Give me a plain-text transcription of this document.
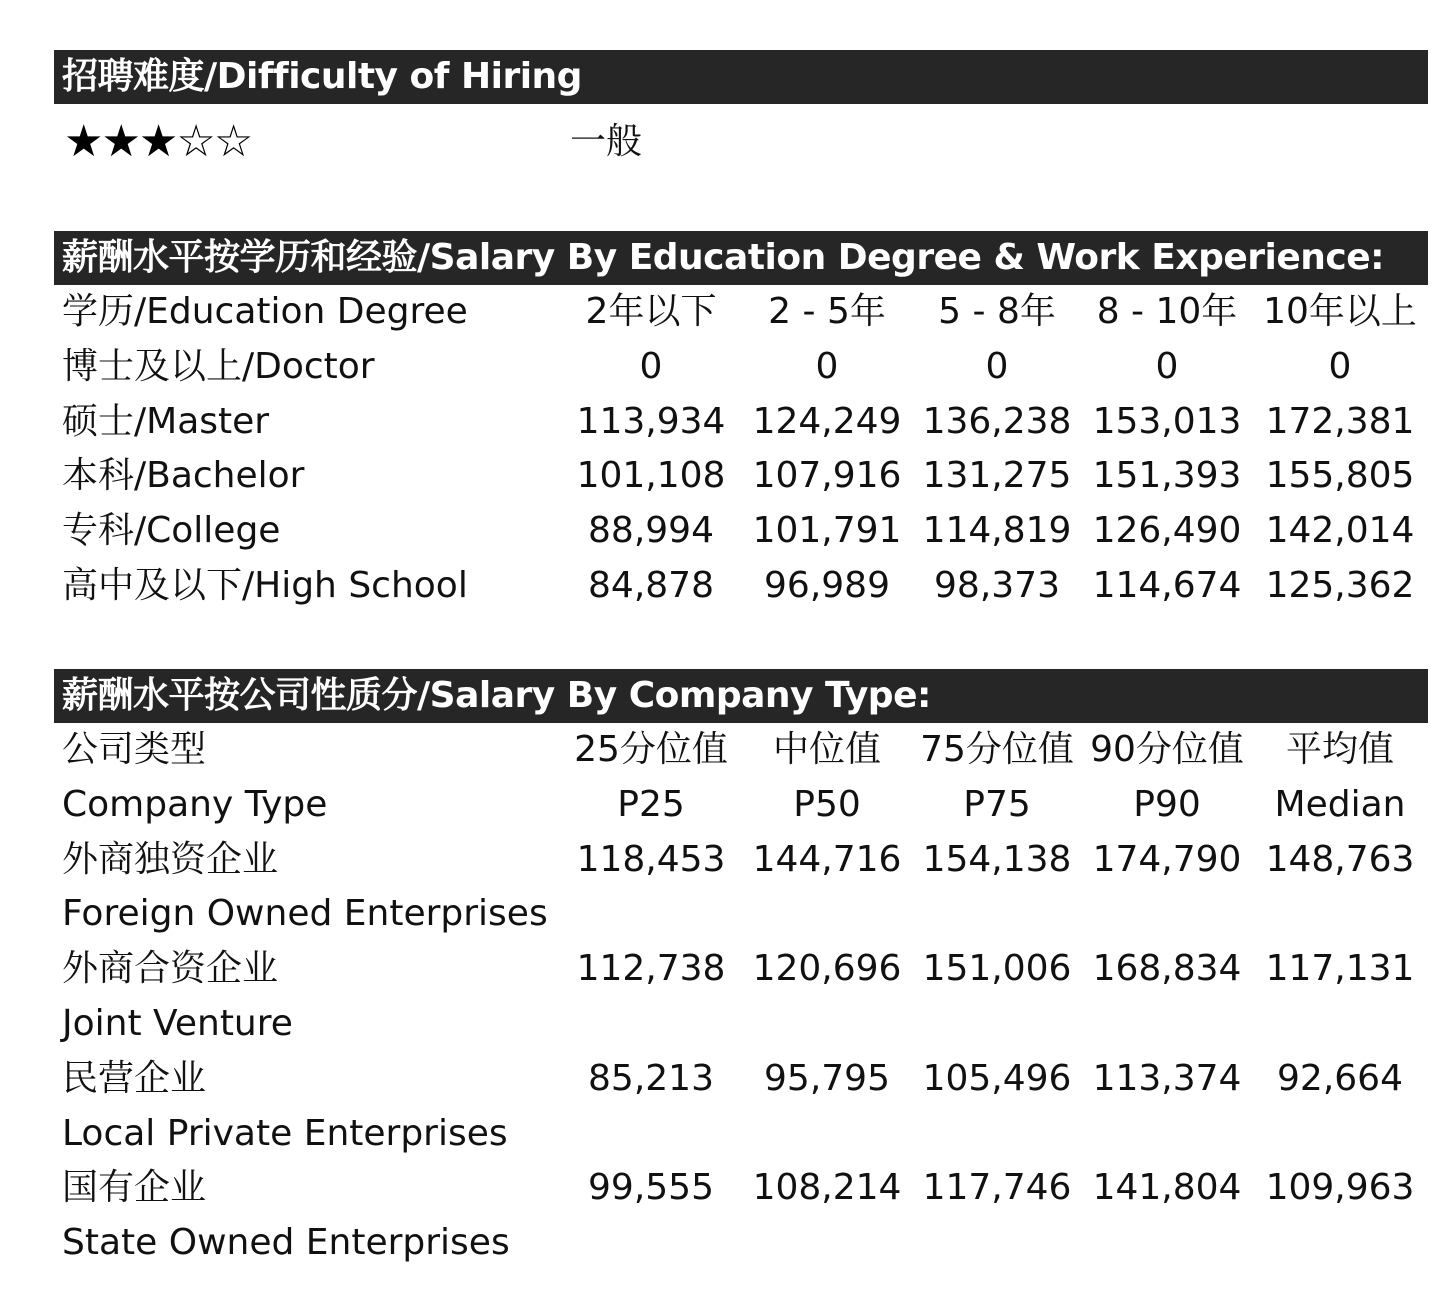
招聘难度/Difficulty of Hiring
★★★☆☆	一般
薪酬水平按学历和经验/Salary By Education Degree & Work Experience:
学历/Education Degree	2年以下	2 - 5年	5 - 8年	8 - 10年 10年以上
博士及以上/Doctor	0	0	0	0	0
硕士/Master	113,934 124,249 136,238 153,013 172,381
本科/Bachelor	101,108 107,916 131,275 151,393 155,805
专科/College	88,994	101,791 114,819 126,490 142,014
高中及以下/High School	84,878	96,989	98,373 114,674 125,362
薪酬水平按公司性质分/Salary By Company Type:
公司类型	25分位值	中位值	75分位值 90分位值	平均值
Company Type	P25	P50	P75	P90	Median
外商独资企业	118,453 144,716 154,138 174,790 148,763
Foreign Owned Enterprises
外商合资企业	112,738 120,696 151,006 168,834 117,131
Joint Venture
民营企业	85,213	95,795 105,496 113,374 92,664
Local Private Enterprises
国有企业	99,555	108,214 117,746 141,804 109,963
State Owned Enterprises
